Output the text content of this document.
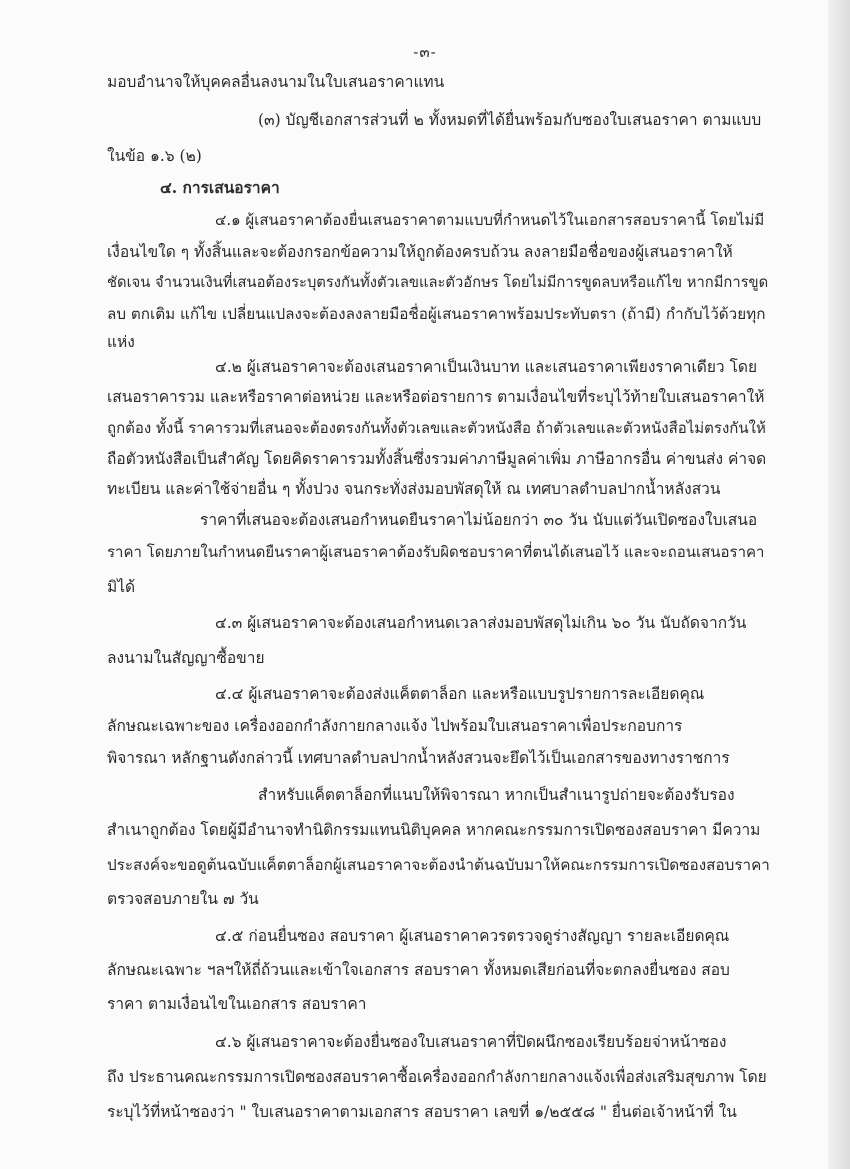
-๓-
มอบอำนาจให้บุคคลอื่นลงนามในใบเสนอราคาแทน
(๓) บัญชีเอกสารส่วนที่ ๒ ทั้งหมดที่ได้ยื่นพร้อมกับซองใบเสนอราคา ตามแบบ
ในข้อ ๑.๖ (๒)
๔. การเสนอราคา
๔.๑ ผู้เสนอราคาต้องยื่นเสนอราคาตามแบบที่กำหนดไว้ในเอกสารสอบราคานี้ โดยไม่มี
เงื่อนไขใด ๆ ทั้งสิ้นและจะต้องกรอกข้อความให้ถูกต้องครบถ้วน ลงลายมือชื่อของผู้เสนอราคาให้
ชัดเจน จำนวนเงินที่เสนอต้องระบุตรงกันทั้งตัวเลขและตัวอักษร โดยไม่มีการขูดลบหรือแก้ไข หากมีการขูด
ลบ ตกเติม แก้ไข เปลี่ยนแปลงจะต้องลงลายมือชื่อผู้เสนอราคาพร้อมประทับตรา (ถ้ามี) กำกับไว้ด้วยทุก
แห่ง
๔.๒ ผู้เสนอราคาจะต้องเสนอราคาเป็นเงินบาท และเสนอราคาเพียงราคาเดียว โดย
เสนอราคารวม และหรือราคาต่อหน่วย และหรือต่อรายการ ตามเงื่อนไขที่ระบุไว้ท้ายใบเสนอราคาให้
ถูกต้อง ทั้งนี้ ราคารวมที่เสนอจะต้องตรงกันทั้งตัวเลขและตัวหนังสือ ถ้าตัวเลขและตัวหนังสือไม่ตรงกันให้
ถือตัวหนังสือเป็นสำคัญ โดยคิดราคารวมทั้งสิ้นซึ่งรวมค่าภาษีมูลค่าเพิ่ม ภาษีอากรอื่น ค่าขนส่ง ค่าจด
ทะเบียน และค่าใช้จ่ายอื่น ๆ ทั้งปวง จนกระทั่งส่งมอบพัสดุให้ ณ เทศบาลตำบลปากน้ำหลังสวน
ราคาที่เสนอจะต้องเสนอกำหนดยืนราคาไม่น้อยกว่า ๓๐ วัน นับแต่วันเปิดซองใบเสนอ
ราคา โดยภายในกำหนดยืนราคาผู้เสนอราคาต้องรับผิดชอบราคาที่ตนได้เสนอไว้ และจะถอนเสนอราคา
มิได้
๔.๓ ผู้เสนอราคาจะต้องเสนอกำหนดเวลาส่งมอบพัสดุไม่เกิน ๖๐ วัน นับถัดจากวัน
ลงนามในสัญญาซื้อขาย
๔.๔ ผู้เสนอราคาจะต้องส่งแค็ตตาล็อก และหรือแบบรูปรายการละเอียดคุณ
ลักษณะเฉพาะของ เครื่องออกกำลังกายกลางแจ้ง ไปพร้อมใบเสนอราคาเพื่อประกอบการ
พิจารณา หลักฐานดังกล่าวนี้ เทศบาลตำบลปากน้ำหลังสวนจะยึดไว้เป็นเอกสารของทางราชการ
สำหรับแค็ตตาล็อกที่แนบให้พิจารณา หากเป็นสำเนารูปถ่ายจะต้องรับรอง
สำเนาถูกต้อง โดยผู้มีอำนาจทำนิติกรรมแทนนิติบุคคล หากคณะกรรมการเปิดซองสอบราคา มีความ
ประสงค์จะขอดูต้นฉบับแค็ตตาล็อกผู้เสนอราคาจะต้องนำต้นฉบับมาให้คณะกรรมการเปิดซองสอบราคา
ตรวจสอบภายใน ๗ วัน
๔.๕ ก่อนยื่นซอง สอบราคา ผู้เสนอราคาควรตรวจดูร่างสัญญา รายละเอียดคุณ
ลักษณะเฉพาะ ฯลฯให้ถี่ถ้วนและเข้าใจเอกสาร สอบราคา ทั้งหมดเสียก่อนที่จะตกลงยื่นซอง สอบ
ราคา ตามเงื่อนไขในเอกสาร สอบราคา
๔.๖ ผู้เสนอราคาจะต้องยื่นซองใบเสนอราคาที่ปิดผนึกซองเรียบร้อยจ่าหน้าซอง
ถึง ประธานคณะกรรมการเปิดซองสอบราคาซื้อเครื่องออกกำลังกายกลางแจ้งเพื่อส่งเสริมสุขภาพ โดย
ระบุไว้ที่หน้าซองว่า " ใบเสนอราคาตามเอกสาร สอบราคา เลขที่ ๑/๒๕๕๘ " ยื่นต่อเจ้าหน้าที่ ใน
